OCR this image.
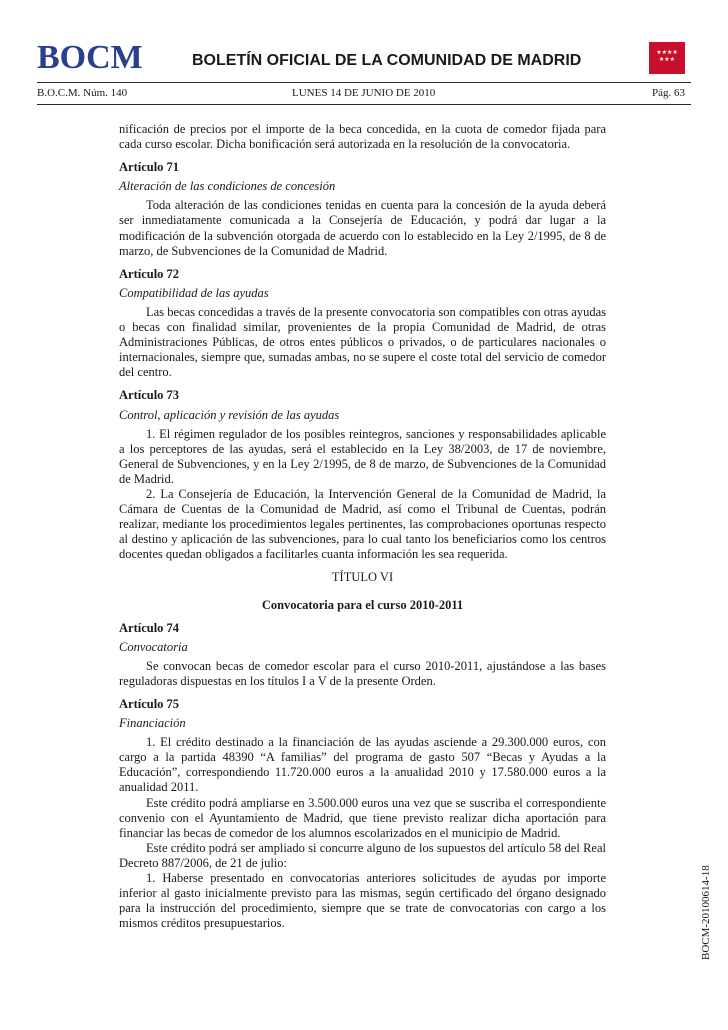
BOCM	BOLETÍN OFICIAL DE LA COMUNIDAD DE MADRID	★★★★
★★★
B.O.C.M. Núm. 140	LUNES 14 DE JUNIO DE 2010	Pág. 63

nificación de precios por el importe de la beca concedida, en la cuota de comedor fijada para cada curso escolar. Dicha bonificación será autorizada en la resolución de la convocatoria.

Artículo 71

Alteración de las condiciones de concesión

Toda alteración de las condiciones tenidas en cuenta para la concesión de la ayuda deberá ser inmediatamente comunicada a la Consejería de Educación, y podrá dar lugar a la modificación de la subvención otorgada de acuerdo con lo establecido en la Ley 2/1995, de 8 de marzo, de Subvenciones de la Comunidad de Madrid.

Artículo 72

Compatibilidad de las ayudas

Las becas concedidas a través de la presente convocatoria son compatibles con otras ayudas o becas con finalidad similar, provenientes de la propia Comunidad de Madrid, de otras Administraciones Públicas, de otros entes públicos o privados, o de particulares nacionales o internacionales, siempre que, sumadas ambas, no se supere el coste total del servicio de comedor del centro.

Artículo 73

Control, aplicación y revisión de las ayudas

1. El régimen regulador de los posibles reintegros, sanciones y responsabilidades aplicable a los perceptores de las ayudas, será el establecido en la Ley 38/2003, de 17 de noviembre, General de Subvenciones, y en la Ley 2/1995, de 8 de marzo, de Subvenciones de la Comunidad de Madrid.

2. La Consejería de Educación, la Intervención General de la Comunidad de Madrid, la Cámara de Cuentas de la Comunidad de Madrid, así como el Tribunal de Cuentas, podrán realizar, mediante los procedimientos legales pertinentes, las comprobaciones oportunas respecto al destino y aplicación de las subvenciones, para lo cual tanto los beneficiarios como los centros docentes quedan obligados a facilitarles cuanta información les sea requerida.

TÍTULO VI

Convocatoria para el curso 2010-2011

Artículo 74

Convocatoria

Se convocan becas de comedor escolar para el curso 2010-2011, ajustándose a las bases reguladoras dispuestas en los títulos I a V de la presente Orden.

Artículo 75

Financiación

1. El crédito destinado a la financiación de las ayudas asciende a 29.300.000 euros, con cargo a la partida 48390 “A familias” del programa de gasto 507 “Becas y Ayudas a la Educación”, correspondiendo 11.720.000 euros a la anualidad 2010 y 17.580.000 euros a la anualidad 2011.

Este crédito podrá ampliarse en 3.500.000 euros una vez que se suscriba el correspondiente convenio con el Ayuntamiento de Madrid, que tiene previsto realizar dicha aportación para financiar las becas de comedor de los alumnos escolarizados en el municipio de Madrid.

Este crédito podrá ser ampliado si concurre alguno de los supuestos del artículo 58 del Real Decreto 887/2006, de 21 de julio:

1. Haberse presentado en convocatorias anteriores solicitudes de ayudas por importe inferior al gasto inicialmente previsto para las mismas, según certificado del órgano designado para la instrucción del procedimiento, siempre que se trate de convocatorias con cargo a los mismos créditos presupuestarios.	BOCM-20100614-18
